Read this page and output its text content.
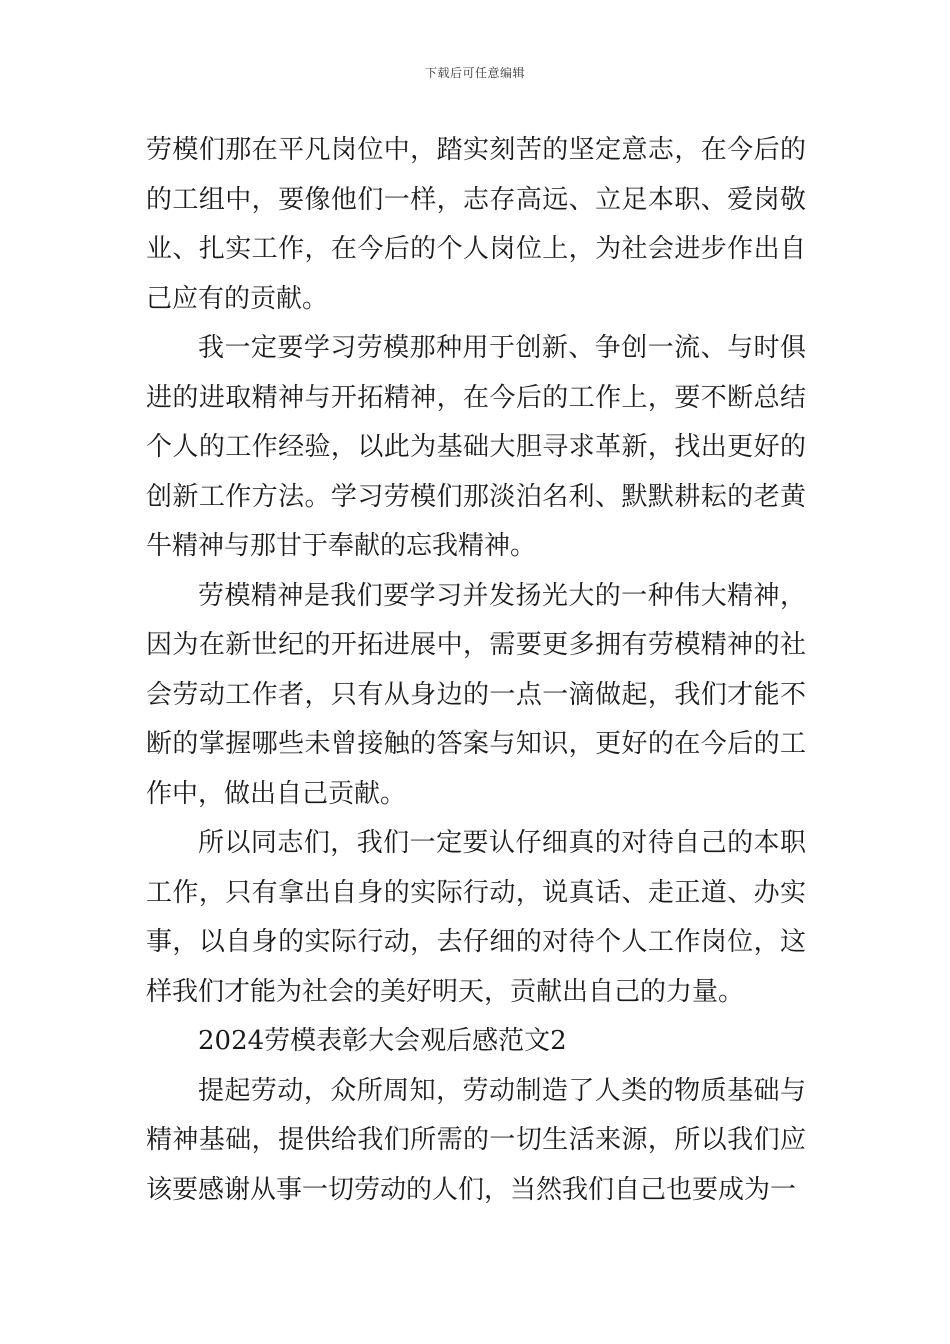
下载后可任意编辑

劳模们那在平凡岗位中，踏实刻苦的坚定意志，在今后的的工组中，要像他们一样，志存高远、立足本职、爱岗敬业、扎实工作，在今后的个人岗位上，为社会进步作出自己应有的贡献。

我一定要学习劳模那种用于创新、争创一流、与时俱进的进取精神与开拓精神，在今后的工作上，要不断总结个人的工作经验，以此为基础大胆寻求革新，找出更好的创新工作方法。学习劳模们那淡泊名利、默默耕耘的老黄牛精神与那甘于奉献的忘我精神。

劳模精神是我们要学习并发扬光大的一种伟大精神，因为在新世纪的开拓进展中，需要更多拥有劳模精神的社会劳动工作者，只有从身边的一点一滴做起，我们才能不断的掌握哪些未曾接触的答案与知识，更好的在今后的工作中，做出自己贡献。

所以同志们，我们一定要认仔细真的对待自己的本职工作，只有拿出自身的实际行动，说真话、走正道、办实事，以自身的实际行动，去仔细的对待个人工作岗位，这样我们才能为社会的美好明天，贡献出自己的力量。

2024劳模表彰大会观后感范文2

提起劳动，众所周知，劳动制造了人类的物质基础与精神基础，提供给我们所需的一切生活来源，所以我们应该要感谢从事一切劳动的人们，当然我们自己也要成为一
